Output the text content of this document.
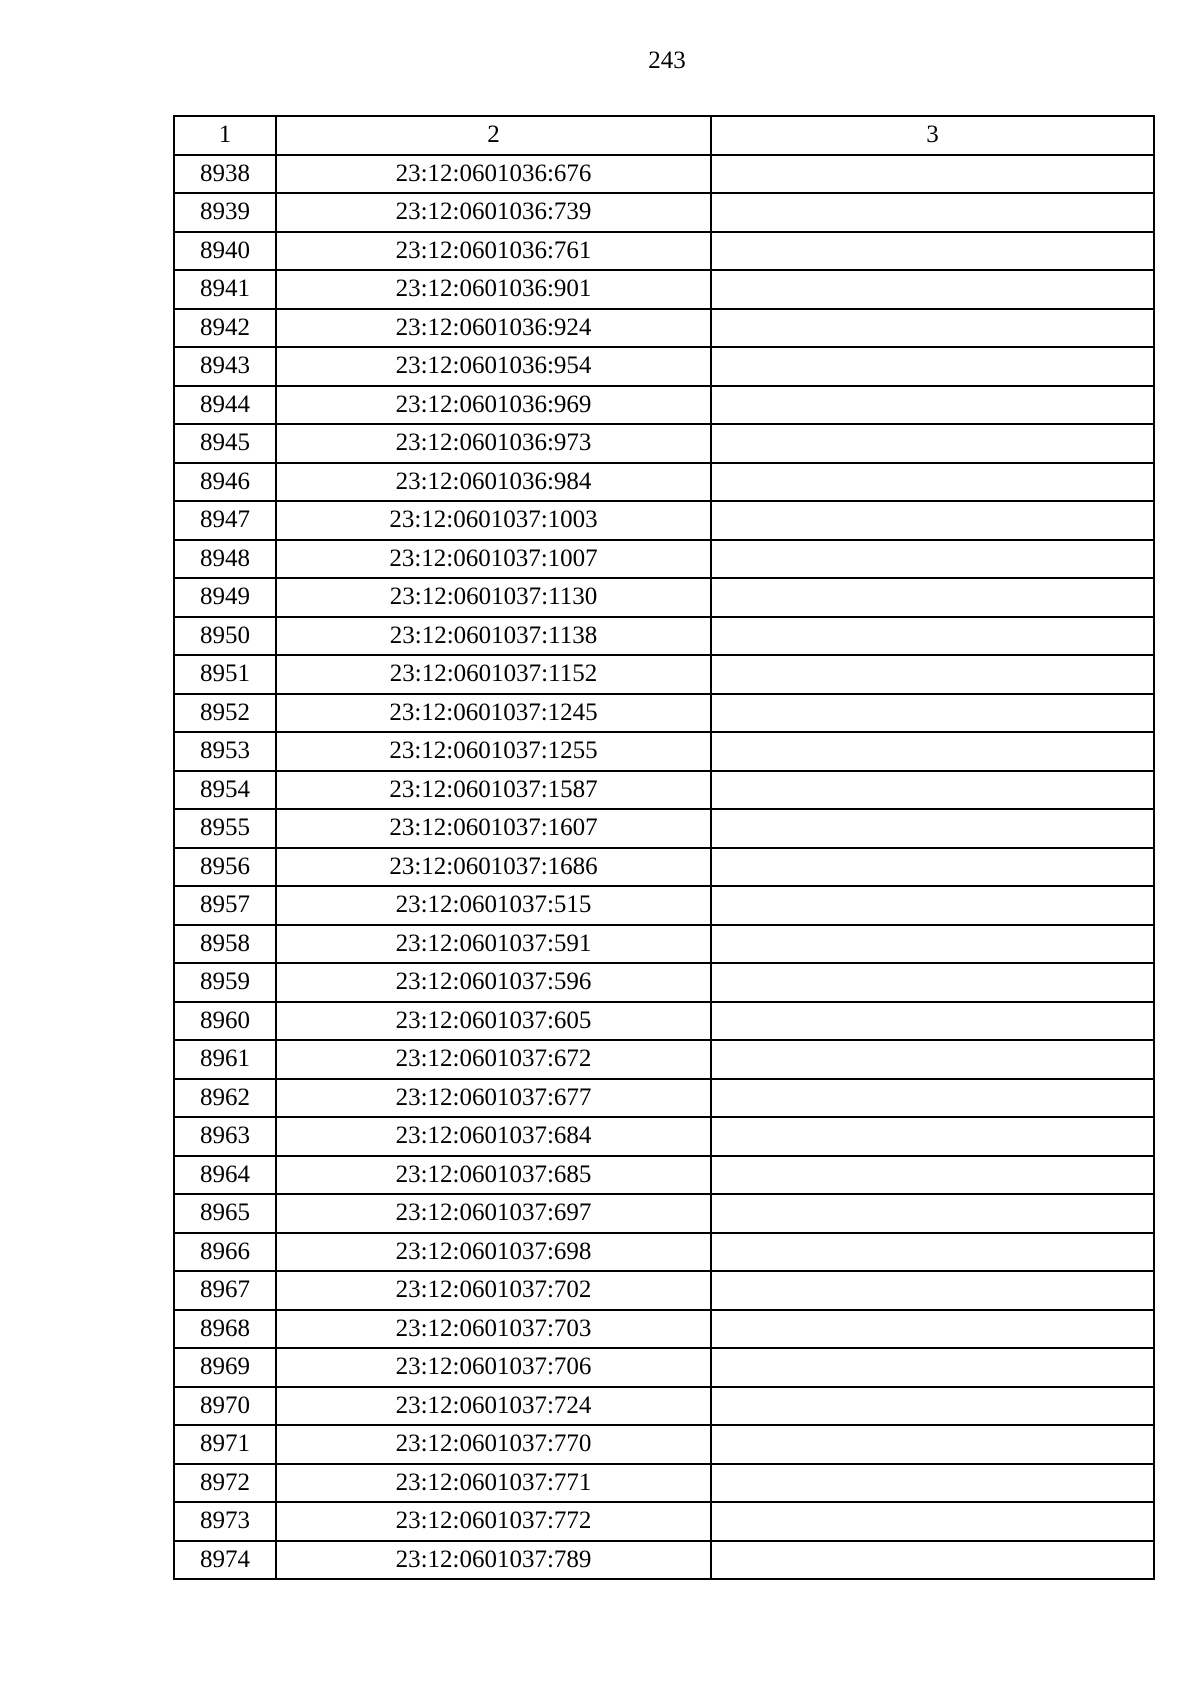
243
1	2	3
8938	23:12:0601036:676	
8939	23:12:0601036:739	
8940	23:12:0601036:761	
8941	23:12:0601036:901	
8942	23:12:0601036:924	
8943	23:12:0601036:954	
8944	23:12:0601036:969	
8945	23:12:0601036:973	
8946	23:12:0601036:984	
8947	23:12:0601037:1003	
8948	23:12:0601037:1007	
8949	23:12:0601037:1130	
8950	23:12:0601037:1138	
8951	23:12:0601037:1152	
8952	23:12:0601037:1245	
8953	23:12:0601037:1255	
8954	23:12:0601037:1587	
8955	23:12:0601037:1607	
8956	23:12:0601037:1686	
8957	23:12:0601037:515	
8958	23:12:0601037:591	
8959	23:12:0601037:596	
8960	23:12:0601037:605	
8961	23:12:0601037:672	
8962	23:12:0601037:677	
8963	23:12:0601037:684	
8964	23:12:0601037:685	
8965	23:12:0601037:697	
8966	23:12:0601037:698	
8967	23:12:0601037:702	
8968	23:12:0601037:703	
8969	23:12:0601037:706	
8970	23:12:0601037:724	
8971	23:12:0601037:770	
8972	23:12:0601037:771	
8973	23:12:0601037:772	
8974	23:12:0601037:789	
